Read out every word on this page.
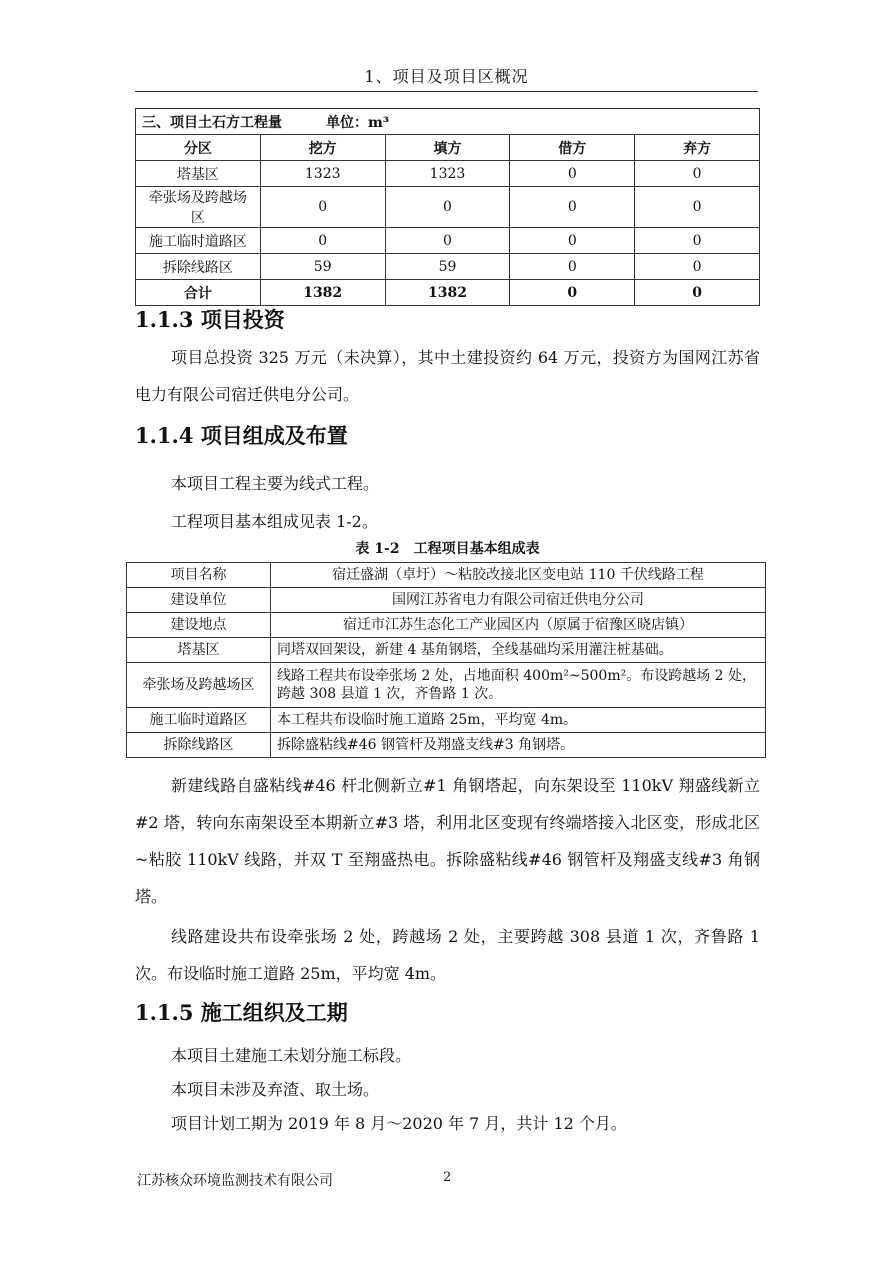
1、项目及项目区概况
三、项目土石方工程量 单位：m³				
分区	挖方	填方	借方	弃方
塔基区	1323	1323	0	0
牵张场及跨越场区	0	0	0	0
施工临时道路区	0	0	0	0
拆除线路区	59	59	0	0
合计	1382	1382	0	0
1.1.3 项目投资

项目总投资 325 万元（未决算），其中土建投资约 64 万元，投资方为国网江苏省电力有限公司宿迁供电分公司。

1.1.4 项目组成及布置

本项目工程主要为线式工程。

工程项目基本组成见表 1-2。

表 1-2 工程项目基本组成表
项目名称	宿迁盛湖（卓圩）～粘胶改接北区变电站 110 千伏线路工程
建设单位	国网江苏省电力有限公司宿迁供电分公司
建设地点	宿迁市江苏生态化工产业园区内（原属于宿豫区晓店镇）
塔基区	同塔双回架设，新建 4 基角钢塔，全线基础均采用灌注桩基础。
牵张场及跨越场区	线路工程共布设牵张场 2 处，占地面积 400m²~500m²。布设跨越场 2 处，跨越 308 县道 1 次，齐鲁路 1 次。
施工临时道路区	本工程共布设临时施工道路 25m，平均宽 4m。
拆除线路区	拆除盛粘线#46 钢管杆及翔盛支线#3 角钢塔。

新建线路自盛粘线#46 杆北侧新立#1 角钢塔起，向东架设至 110kV 翔盛线新立#2 塔，转向东南架设至本期新立#3 塔，利用北区变现有终端塔接入北区变，形成北区~粘胶 110kV 线路，并双 T 至翔盛热电。拆除盛粘线#46 钢管杆及翔盛支线#3 角钢塔。

线路建设共布设牵张场 2 处，跨越场 2 处，主要跨越 308 县道 1 次，齐鲁路 1 次。布设临时施工道路 25m，平均宽 4m。

1.1.5 施工组织及工期

本项目土建施工未划分施工标段。

本项目未涉及弃渣、取土场。

项目计划工期为 2019 年 8 月～2020 年 7 月，共计 12 个月。

江苏核众环境监测技术有限公司	2
